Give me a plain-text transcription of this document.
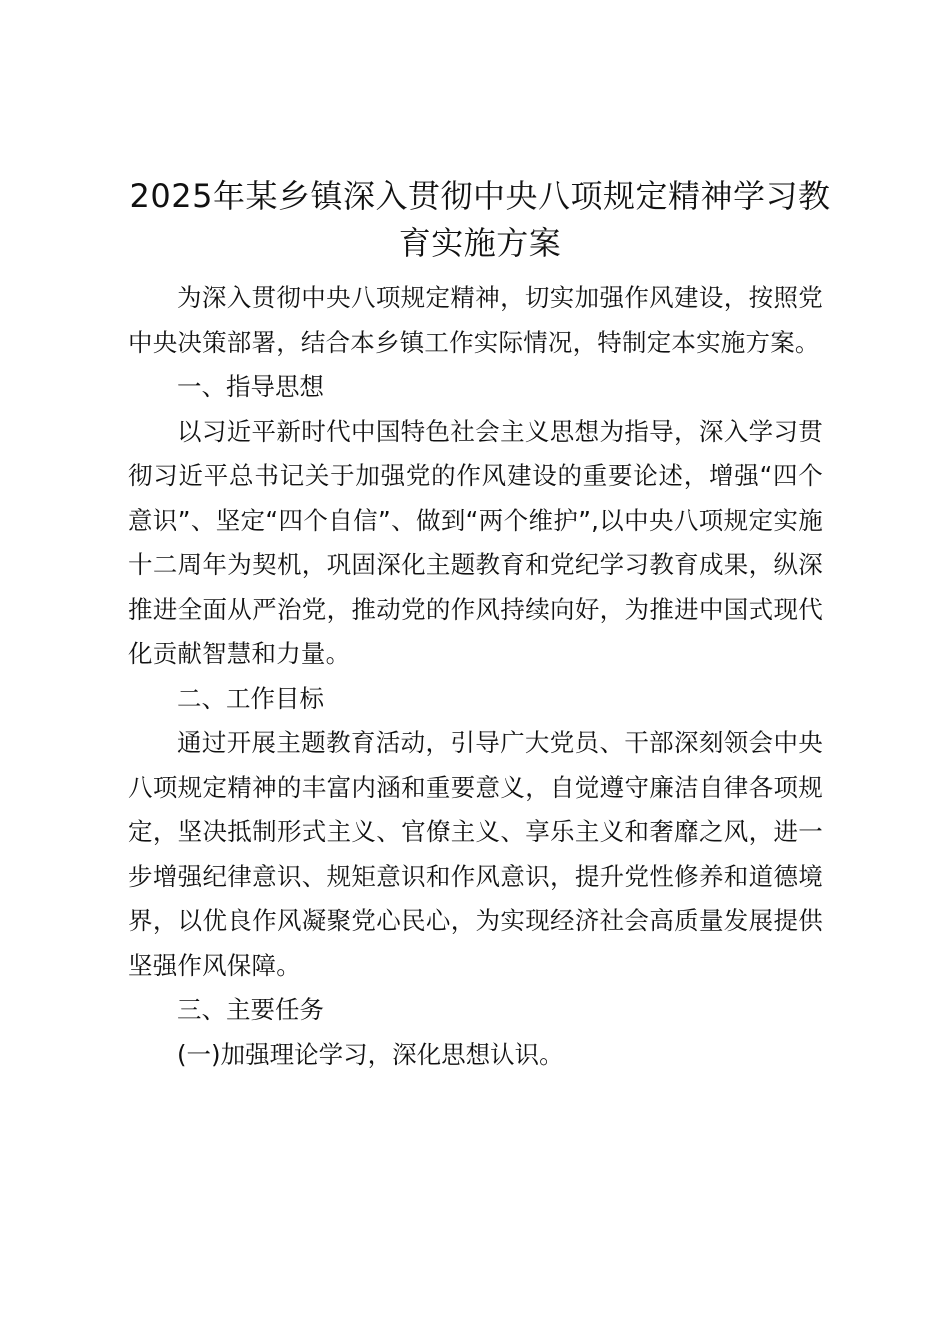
2025年某乡镇深入贯彻中央八项规定精神学习教育实施方案

为深入贯彻中央八项规定精神，切实加强作风建设，按照党中央决策部署，结合本乡镇工作实际情况，特制定本实施方案。

一、指导思想

以习近平新时代中国特色社会主义思想为指导，深入学习贯彻习近平总书记关于加强党的作风建设的重要论述，增强“四个意识”、坚定“四个自信”、做到“两个维护”,以中央八项规定实施十二周年为契机，巩固深化主题教育和党纪学习教育成果，纵深推进全面从严治党，推动党的作风持续向好，为推进中国式现代化贡献智慧和力量。

二、工作目标

通过开展主题教育活动，引导广大党员、干部深刻领会中央八项规定精神的丰富内涵和重要意义，自觉遵守廉洁自律各项规定，坚决抵制形式主义、官僚主义、享乐主义和奢靡之风，进一步增强纪律意识、规矩意识和作风意识，提升党性修养和道德境界，以优良作风凝聚党心民心，为实现经济社会高质量发展提供坚强作风保障。

三、主要任务

(一)加强理论学习，深化思想认识。
